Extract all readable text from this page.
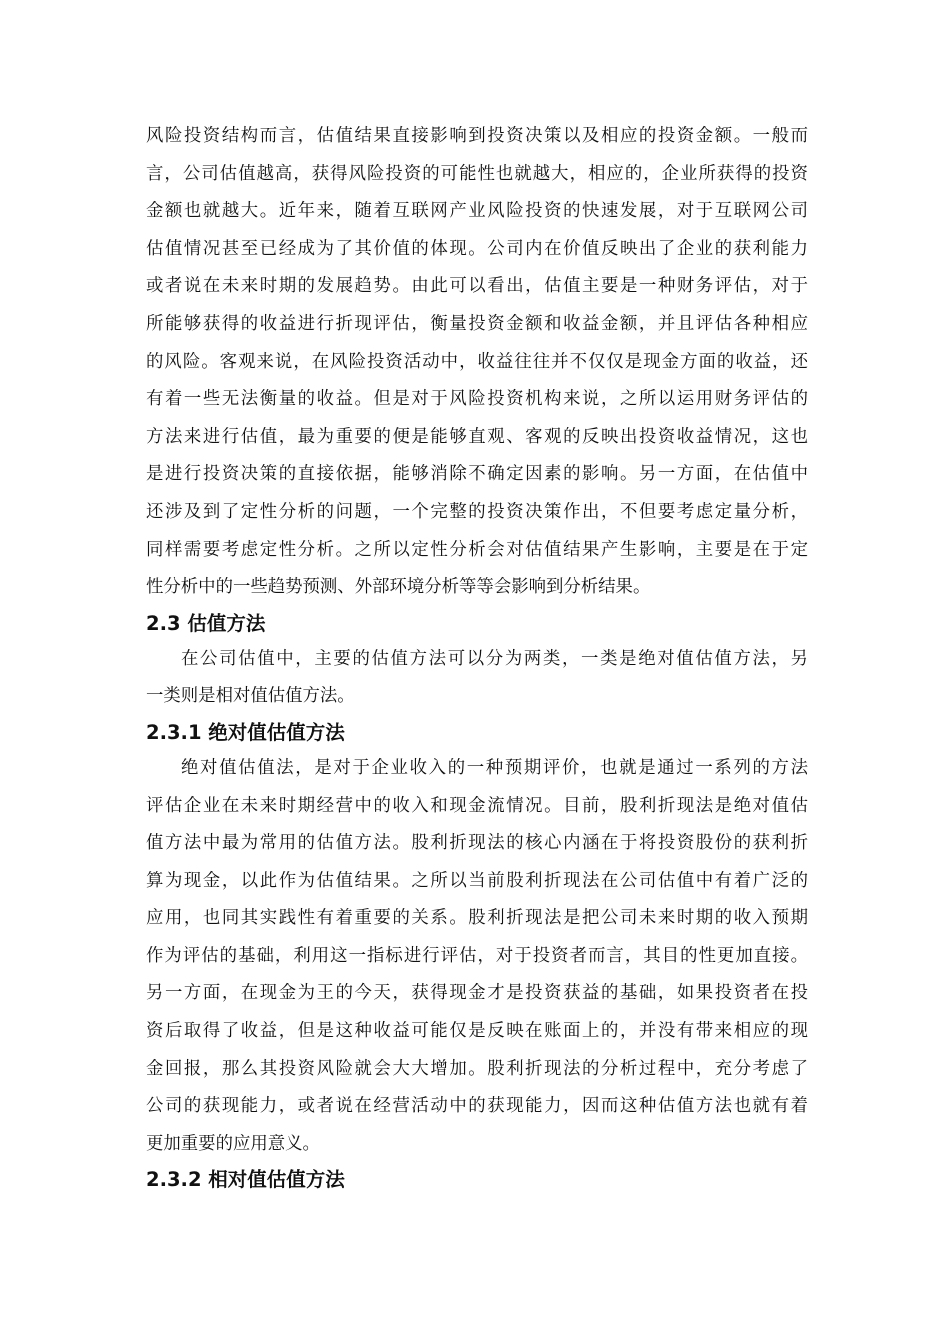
风险投资结构而言，估值结果直接影响到投资决策以及相应的投资金额。一般而
言，公司估值越高，获得风险投资的可能性也就越大，相应的，企业所获得的投资
金额也就越大。近年来，随着互联网产业风险投资的快速发展，对于互联网公司
估值情况甚至已经成为了其价值的体现。公司内在价值反映出了企业的获利能力
或者说在未来时期的发展趋势。由此可以看出，估值主要是一种财务评估，对于
所能够获得的收益进行折现评估，衡量投资金额和收益金额，并且评估各种相应
的风险。客观来说，在风险投资活动中，收益往往并不仅仅是现金方面的收益，还
有着一些无法衡量的收益。但是对于风险投资机构来说，之所以运用财务评估的
方法来进行估值，最为重要的便是能够直观、客观的反映出投资收益情况，这也
是进行投资决策的直接依据，能够消除不确定因素的影响。另一方面，在估值中
还涉及到了定性分析的问题，一个完整的投资决策作出，不但要考虑定量分析，
同样需要考虑定性分析。之所以定性分析会对估值结果产生影响，主要是在于定
性分析中的一些趋势预测、外部环境分析等等会影响到分析结果。
2.3 估值方法
在公司估值中，主要的估值方法可以分为两类，一类是绝对值估值方法，另
一类则是相对值估值方法。
2.3.1 绝对值估值方法
绝对值估值法，是对于企业收入的一种预期评价，也就是通过一系列的方法
评估企业在未来时期经营中的收入和现金流情况。目前，股利折现法是绝对值估
值方法中最为常用的估值方法。股利折现法的核心内涵在于将投资股份的获利折
算为现金，以此作为估值结果。之所以当前股利折现法在公司估值中有着广泛的
应用，也同其实践性有着重要的关系。股利折现法是把公司未来时期的收入预期
作为评估的基础，利用这一指标进行评估，对于投资者而言，其目的性更加直接。
另一方面，在现金为王的今天，获得现金才是投资获益的基础，如果投资者在投
资后取得了收益，但是这种收益可能仅是反映在账面上的，并没有带来相应的现
金回报，那么其投资风险就会大大增加。股利折现法的分析过程中，充分考虑了
公司的获现能力，或者说在经营活动中的获现能力，因而这种估值方法也就有着
更加重要的应用意义。
2.3.2 相对值估值方法
